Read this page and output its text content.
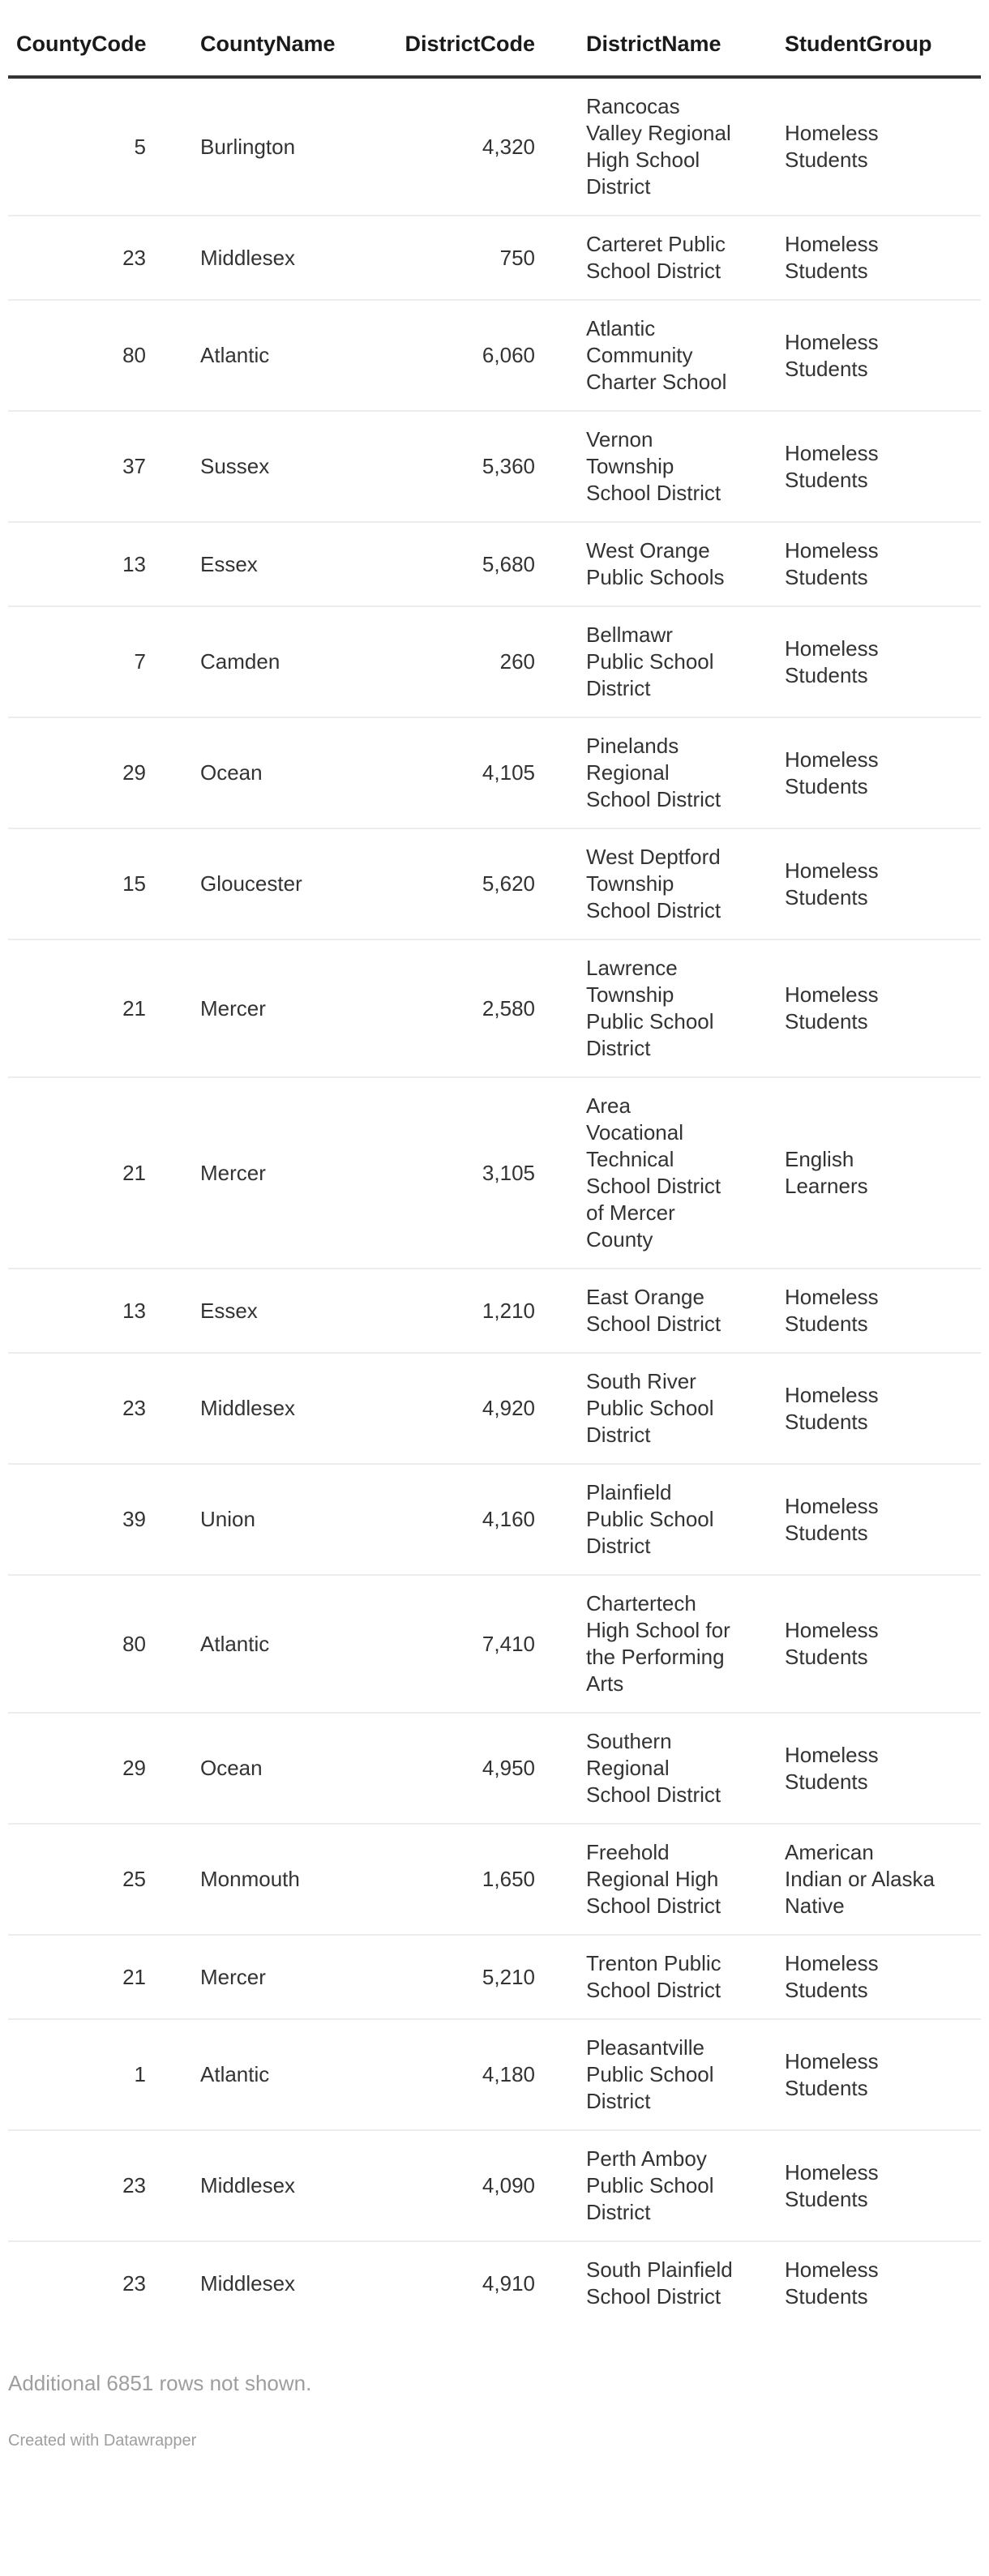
CountyCode	CountyName	DistrictCode	DistrictName	StudentGroup
5	Burlington	4,320	Rancocas Valley Regional High School District	Homeless Students
23	Middlesex	750	Carteret Public School District	Homeless Students
80	Atlantic	6,060	Atlantic Community Charter School	Homeless Students
37	Sussex	5,360	Vernon Township School District	Homeless Students
13	Essex	5,680	West Orange Public Schools	Homeless Students
7	Camden	260	Bellmawr Public School District	Homeless Students
29	Ocean	4,105	Pinelands Regional School District	Homeless Students
15	Gloucester	5,620	West Deptford Township School District	Homeless Students
21	Mercer	2,580	Lawrence Township Public School District	Homeless Students
21	Mercer	3,105	Area Vocational Technical School District of Mercer County	English Learners
13	Essex	1,210	East Orange School District	Homeless Students
23	Middlesex	4,920	South River Public School District	Homeless Students
39	Union	4,160	Plainfield Public School District	Homeless Students
80	Atlantic	7,410	Chartertech High School for the Performing Arts	Homeless Students
29	Ocean	4,950	Southern Regional School District	Homeless Students
25	Monmouth	1,650	Freehold Regional High School District	American Indian or Alaska Native
21	Mercer	5,210	Trenton Public School District	Homeless Students
1	Atlantic	4,180	Pleasantville Public School District	Homeless Students
23	Middlesex	4,090	Perth Amboy Public School District	Homeless Students
23	Middlesex	4,910	South Plainfield School District	Homeless Students
Additional 6851 rows not shown.
Created with Datawrapper
